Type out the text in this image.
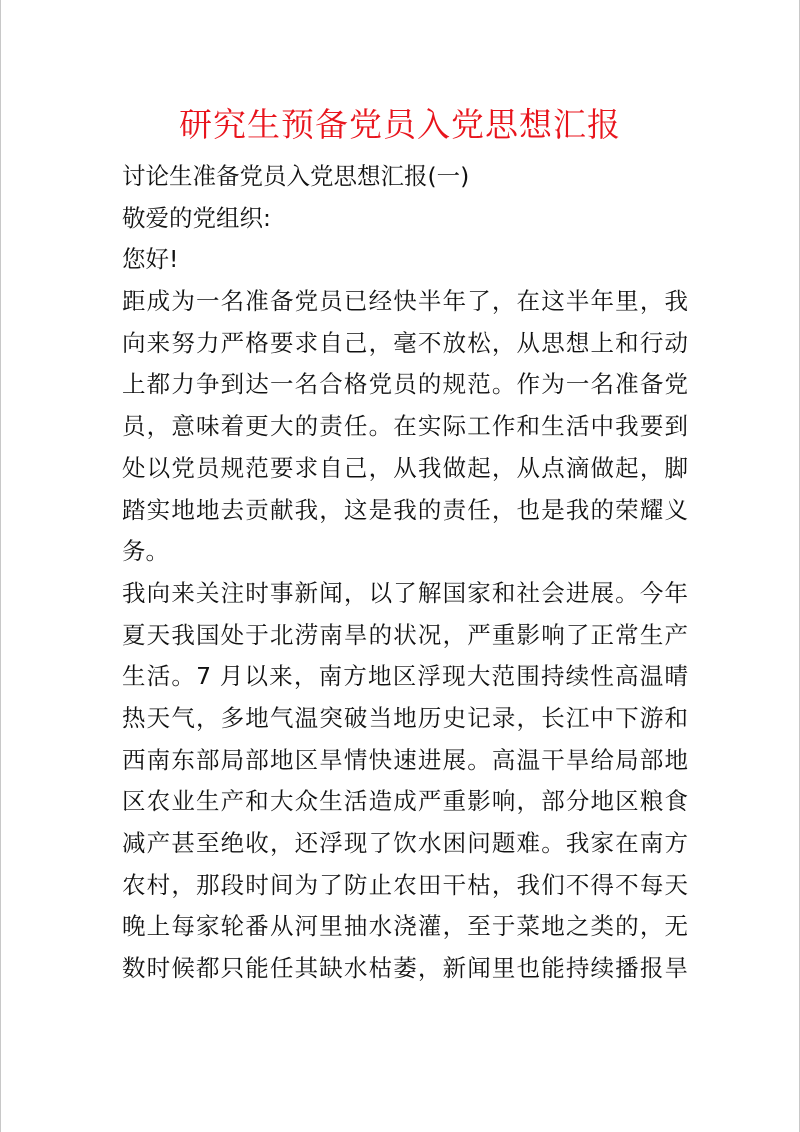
研究生预备党员入党思想汇报
讨论生准备党员入党思想汇报(一)
敬爱的党组织:
您好!
距成为一名准备党员已经快半年了，在这半年里，我
向来努力严格要求自己，毫不放松，从思想上和行动
上都力争到达一名合格党员的规范。作为一名准备党
员，意味着更大的责任。在实际工作和生活中我要到
处以党员规范要求自己，从我做起，从点滴做起，脚
踏实地地去贡献我，这是我的责任，也是我的荣耀义
务。
我向来关注时事新闻，以了解国家和社会进展。今年
夏天我国处于北涝南旱的状况，严重影响了正常生产
生活。7 月以来，南方地区浮现大范围持续性高温晴
热天气，多地气温突破当地历史记录，长江中下游和
西南东部局部地区旱情快速进展。高温干旱给局部地
区农业生产和大众生活造成严重影响，部分地区粮食
减产甚至绝收，还浮现了饮水困问题难。我家在南方
农村，那段时间为了防止农田干枯，我们不得不每天
晚上每家轮番从河里抽水浇灌，至于菜地之类的，无
数时候都只能任其缺水枯萎，新闻里也能持续播报旱
